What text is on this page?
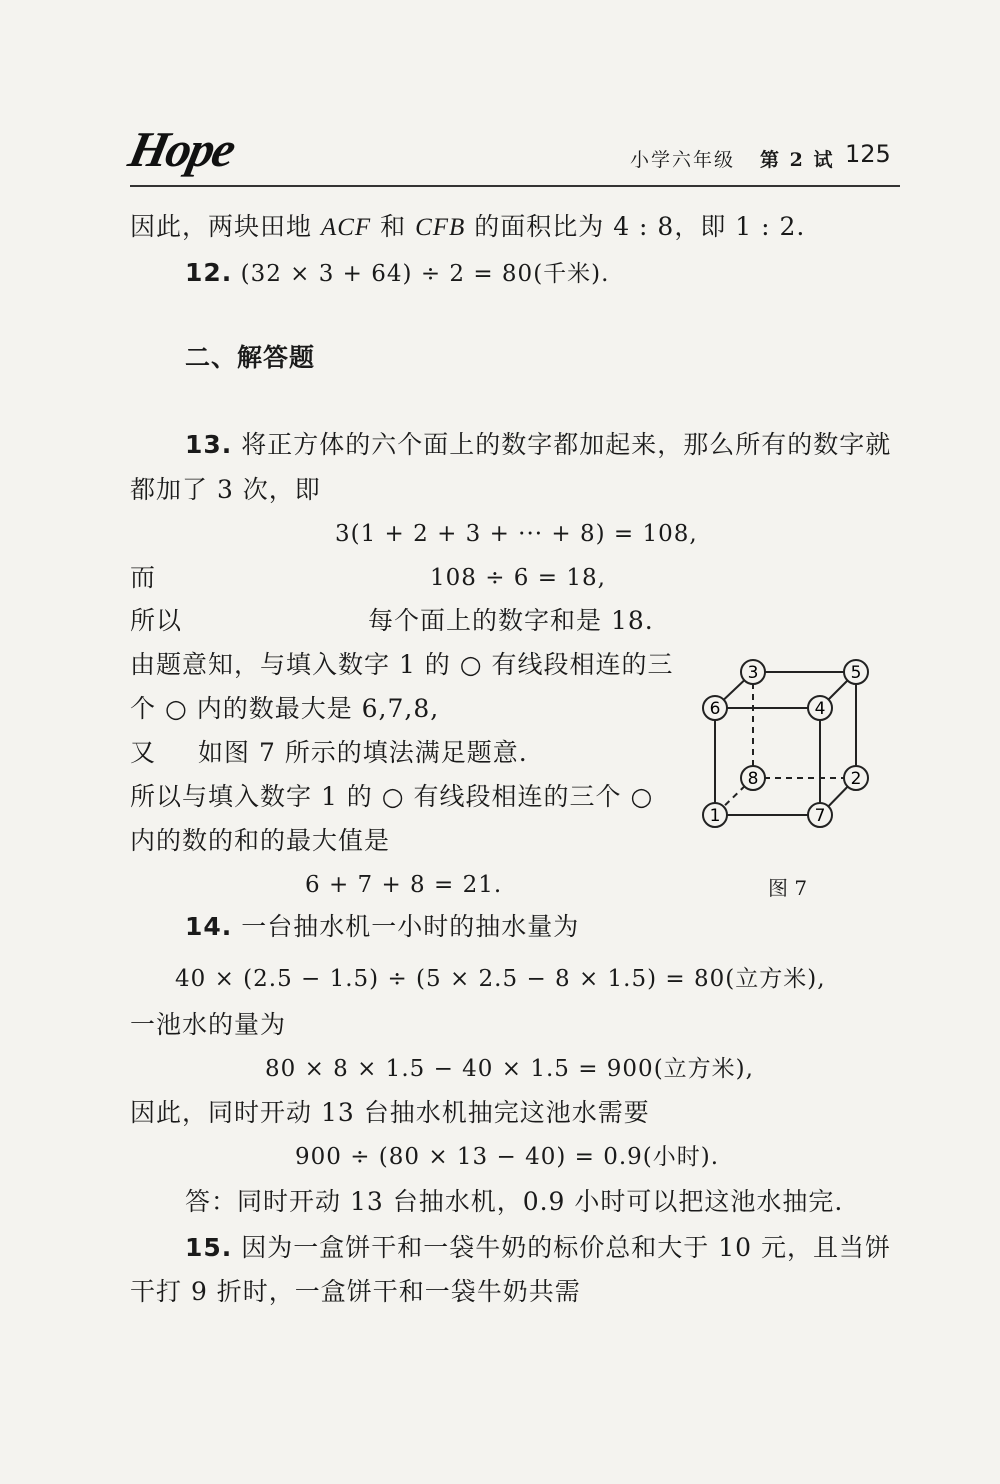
Hope	小学六年级 第 2 试 125
因此，两块田地 ACF 和 CFB 的面积比为 4 : 8，即 1 : 2.
12. (32 × 3 + 64) ÷ 2 = 80(千米).
二、解答题
13. 将正方体的六个面上的数字都加起来，那么所有的数字就
都加了 3 次，即
3(1 + 2 + 3 + ··· + 8) = 108,
而	108 ÷ 6 = 18,
所以	每个面上的数字和是 18.
由题意知，与填入数字 1 的 ○ 有线段相连的三
个 ○ 内的数最大是 6,7,8,
又 如图 7 所示的填法满足题意.
所以与填入数字 1 的 ○ 有线段相连的三个 ○
内的数的和的最大值是
6 + 7 + 8 = 21.
3	5
6	4
8	2
1	7
图 7
14. 一台抽水机一小时的抽水量为
40 × (2.5 − 1.5) ÷ (5 × 2.5 − 8 × 1.5) = 80(立方米),
一池水的量为
80 × 8 × 1.5 − 40 × 1.5 = 900(立方米),
因此，同时开动 13 台抽水机抽完这池水需要
900 ÷ (80 × 13 − 40) = 0.9(小时).
答：同时开动 13 台抽水机，0.9 小时可以把这池水抽完.
15. 因为一盒饼干和一袋牛奶的标价总和大于 10 元，且当饼
干打 9 折时，一盒饼干和一袋牛奶共需
